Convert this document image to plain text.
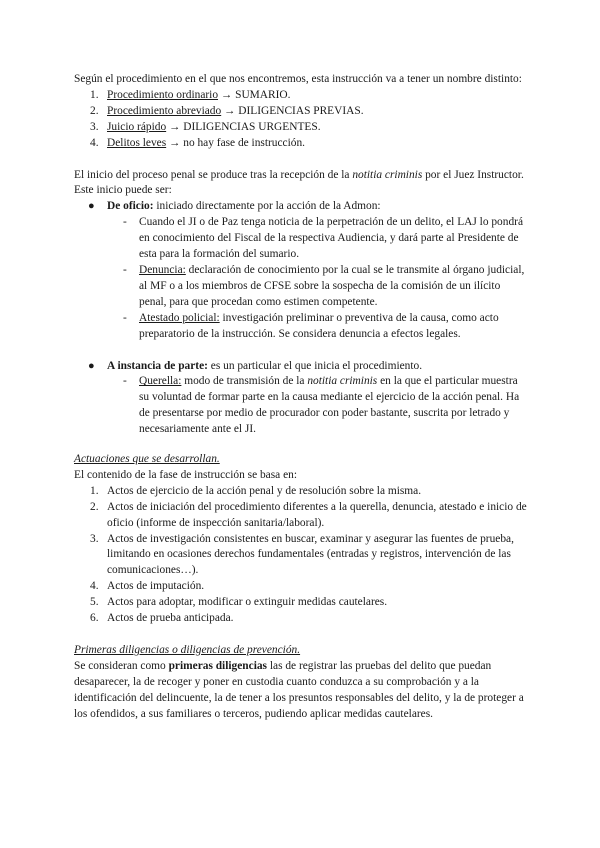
Según el procedimiento en el que nos encontremos, esta instrucción va a tener un nombre distinto:

1. Procedimiento ordinario → SUMARIO.
2. Procedimiento abreviado → DILIGENCIAS PREVIAS.
3. Juicio rápido → DILIGENCIAS URGENTES.
4. Delitos leves → no hay fase de instrucción.

El inicio del proceso penal se produce tras la recepción de la notitia criminis por el Juez Instructor. Este inicio puede ser:

● De oficio: iniciado directamente por la acción de la Admon:
- Cuando el JI o de Paz tenga noticia de la perpetración de un delito, el LAJ lo pondrá en conocimiento del Fiscal de la respectiva Audiencia, y dará parte al Presidente de esta para la formación del sumario.
- Denuncia: declaración de conocimiento por la cual se le transmite al órgano judicial, al MF o a los miembros de CFSE sobre la sospecha de la comisión de un ilícito penal, para que procedan como estimen competente.
- Atestado policial: investigación preliminar o preventiva de la causa, como acto preparatorio de la instrucción. Se considera denuncia a efectos legales.
● A instancia de parte: es un particular el que inicia el procedimiento.
- Querella: modo de transmisión de la notitia criminis en la que el particular muestra su voluntad de formar parte en la causa mediante el ejercicio de la acción penal. Ha de presentarse por medio de procurador con poder bastante, suscrita por letrado y necesariamente ante el JI.

Actuaciones que se desarrollan.

El contenido de la fase de instrucción se basa en:

1. Actos de ejercicio de la acción penal y de resolución sobre la misma.
2. Actos de iniciación del procedimiento diferentes a la querella, denuncia, atestado e inicio de oficio (informe de inspección sanitaria/laboral).
3. Actos de investigación consistentes en buscar, examinar y asegurar las fuentes de prueba, limitando en ocasiones derechos fundamentales (entradas y registros, intervención de las comunicaciones…).
4. Actos de imputación.
5. Actos para adoptar, modificar o extinguir medidas cautelares.
6. Actos de prueba anticipada.

Primeras diligencias o diligencias de prevención.

Se consideran como primeras diligencias las de registrar las pruebas del delito que puedan desaparecer, la de recoger y poner en custodia cuanto conduzca a su comprobación y a la identificación del delincuente, la de tener a los presuntos responsables del delito, y la de proteger a los ofendidos, a sus familiares o terceros, pudiendo aplicar medidas cautelares.
